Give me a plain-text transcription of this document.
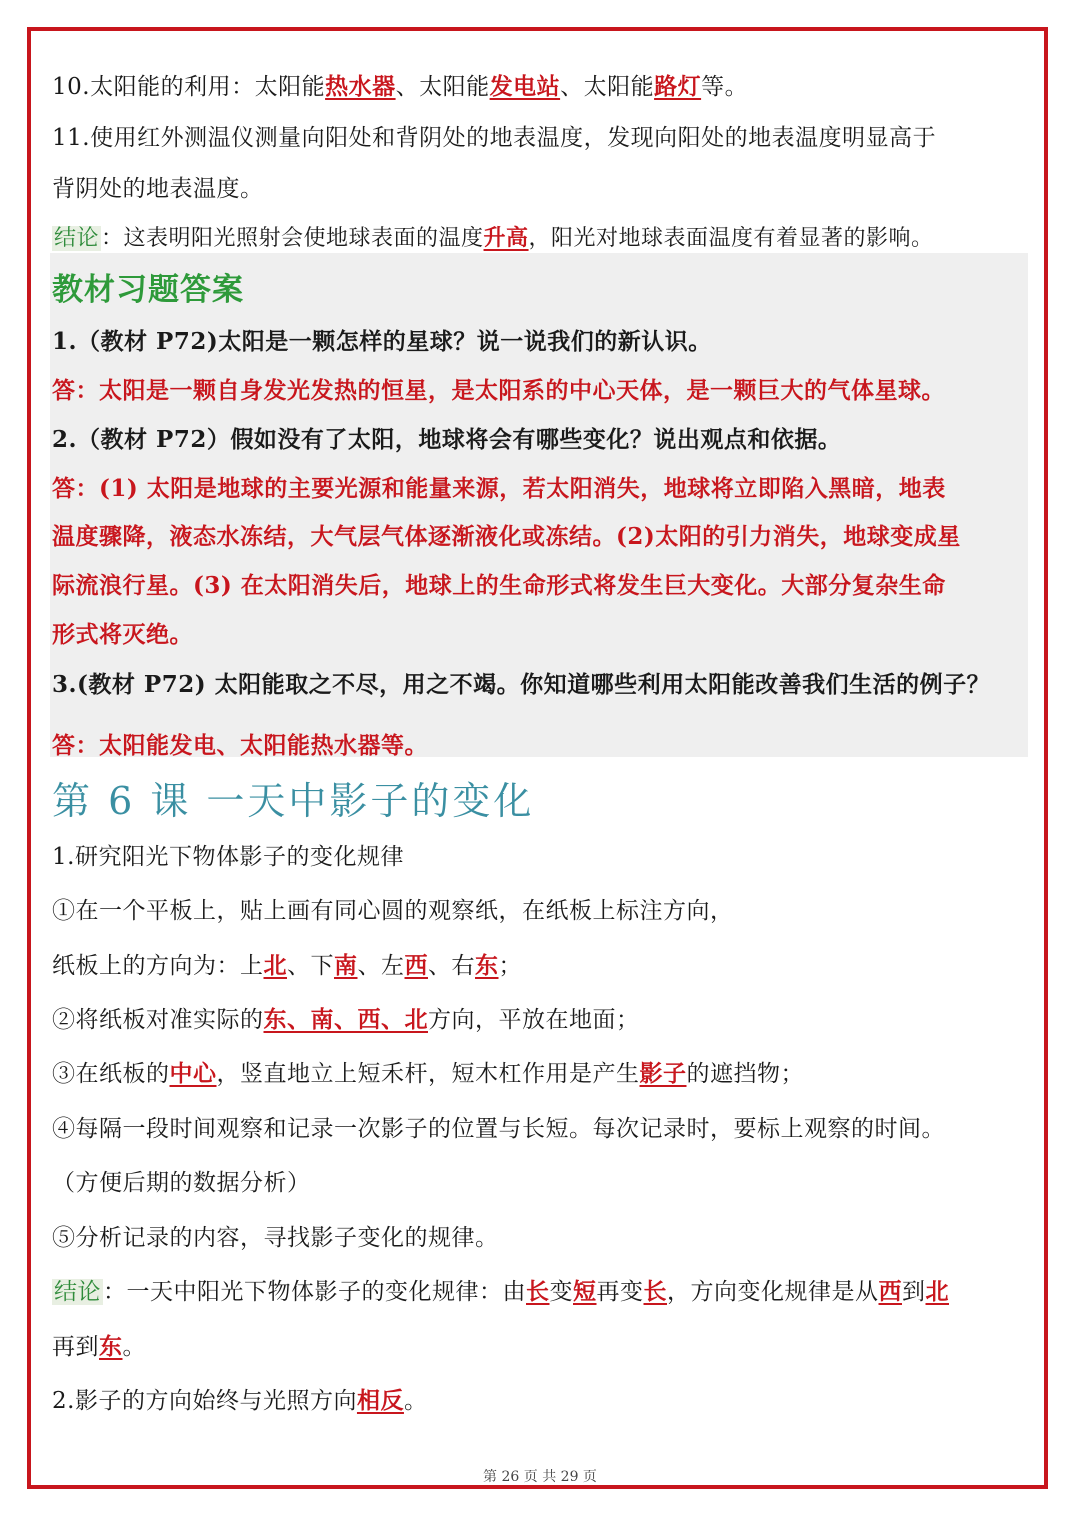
10.太阳能的利用：太阳能热水器、太阳能发电站、太阳能路灯等。
11.使用红外测温仪测量向阳处和背阴处的地表温度，发现向阳处的地表温度明显高于
背阴处的地表温度。
结论：这表明阳光照射会使地球表面的温度升高，阳光对地球表面温度有着显著的影响。
教材习题答案
1.（教材 P72)太阳是一颗怎样的星球？说一说我们的新认识。
答：太阳是一颗自身发光发热的恒星，是太阳系的中心天体，是一颗巨大的气体星球。
2.（教材 P72）假如没有了太阳，地球将会有哪些变化？说出观点和依据。
答：(1) 太阳是地球的主要光源和能量来源，若太阳消失，地球将立即陷入黑暗，地表
温度骤降，液态水冻结，大气层气体逐渐液化或冻结。(2)太阳的引力消失，地球变成星
际流浪行星。(3) 在太阳消失后，地球上的生命形式将发生巨大变化。大部分复杂生命
形式将灭绝。
3.(教材 P72) 太阳能取之不尽，用之不竭。你知道哪些利用太阳能改善我们生活的例子？
答：太阳能发电、太阳能热水器等。
第 6 课 一天中影子的变化
1.研究阳光下物体影子的变化规律
①在一个平板上，贴上画有同心圆的观察纸，在纸板上标注方向，
纸板上的方向为：上北、下南、左西、右东；
②将纸板对准实际的东、南、西、北方向，平放在地面；
③在纸板的中心，竖直地立上短禾杆，短木杠作用是产生影子的遮挡物；
④每隔一段时间观察和记录一次影子的位置与长短。每次记录时，要标上观察的时间。
（方便后期的数据分析）
⑤分析记录的内容，寻找影子变化的规律。
结论：一天中阳光下物体影子的变化规律：由长变短再变长，方向变化规律是从西到北
再到东。
2.影子的方向始终与光照方向相反。
第 26 页 共 29 页
